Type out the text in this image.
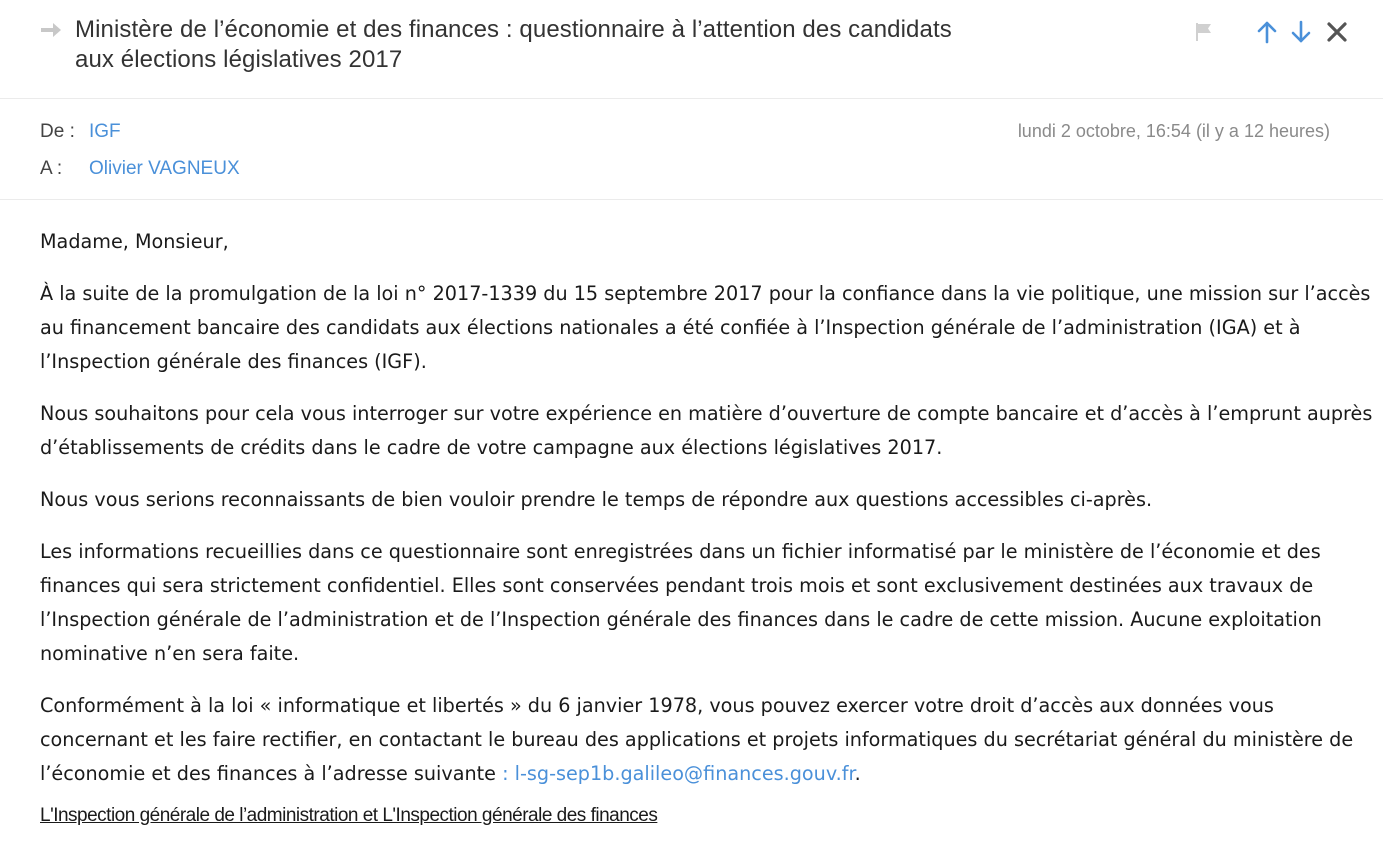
Ministère de l’économie et des finances : questionnaire à l’attention des candidats
aux élections législatives 2017
De : IGF	lundi 2 octobre, 16:54 (il y a 12 heures)
A : Olivier VAGNEUX

Madame, Monsieur,

À la suite de la promulgation de la loi n° 2017-1339 du 15 septembre 2017 pour la confiance dans la vie politique, une mission sur l’accès au financement bancaire des candidats aux élections nationales a été confiée à l’Inspection générale de l’administration (IGA) et à l’Inspection générale des finances (IGF).

Nous souhaitons pour cela vous interroger sur votre expérience en matière d’ouverture de compte bancaire et d’accès à l’emprunt auprès d’établissements de crédits dans le cadre de votre campagne aux élections législatives 2017.

Nous vous serions reconnaissants de bien vouloir prendre le temps de répondre aux questions accessibles ci-après.

Les informations recueillies dans ce questionnaire sont enregistrées dans un fichier informatisé par le ministère de l’économie et des finances qui sera strictement confidentiel. Elles sont conservées pendant trois mois et sont exclusivement destinées aux travaux de l’Inspection générale de l’administration et de l’Inspection générale des finances dans le cadre de cette mission. Aucune exploitation nominative n’en sera faite.

Conformément à la loi « informatique et libertés » du 6 janvier 1978, vous pouvez exercer votre droit d’accès aux données vous concernant et les faire rectifier, en contactant le bureau des applications et projets informatiques du secrétariat général du ministère de l’économie et des finances à l’adresse suivante : l-sg-sep1b.galileo@finances.gouv.fr.

L'Inspection générale de l’administration et L'Inspection générale des finances
